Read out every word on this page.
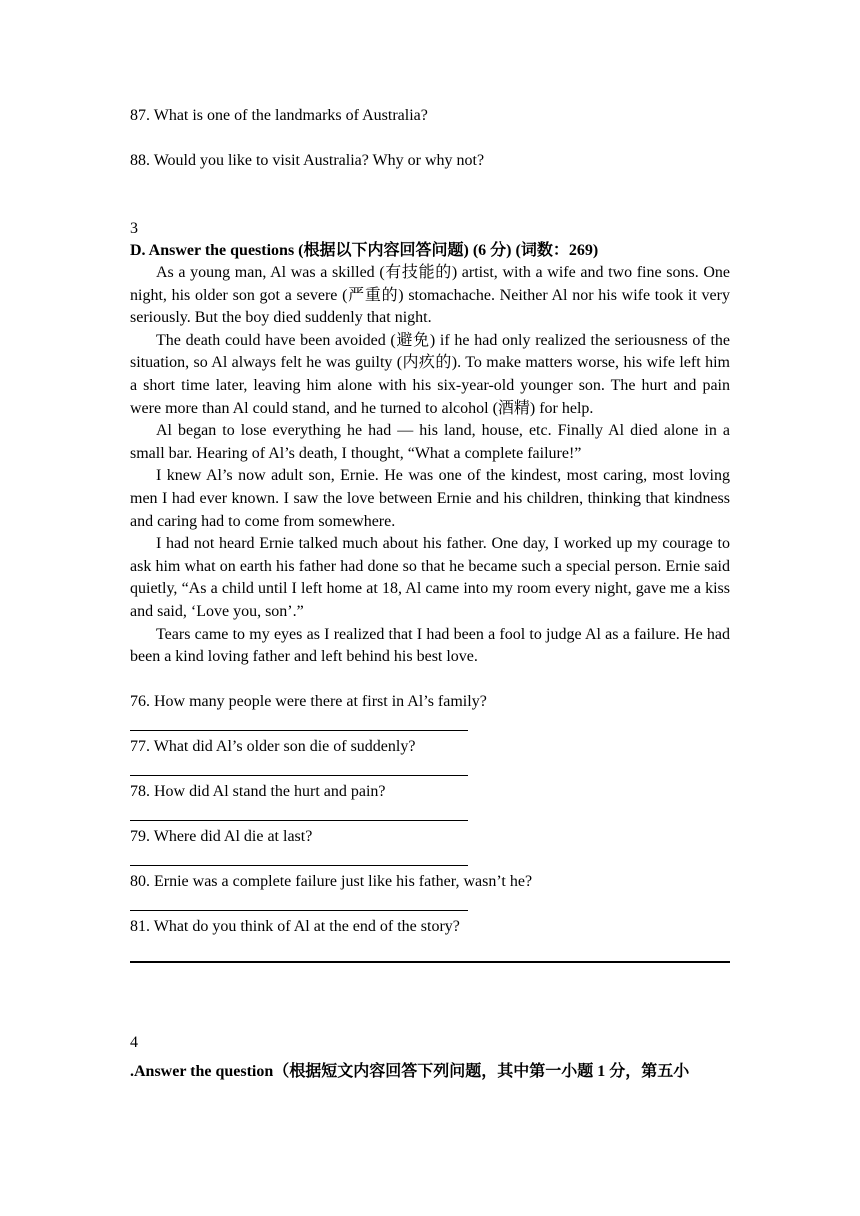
87. What is one of the landmarks of Australia?
88. Would you like to visit Australia? Why or why not?
3
D. Answer the questions (根据以下内容回答问题) (6 分) (词数：269)

As a young man, Al was a skilled (有技能的) artist, with a wife and two fine sons. One night, his older son got a severe (严重的) stomachache. Neither Al nor his wife took it very seriously. But the boy died suddenly that night.

The death could have been avoided (避免) if he had only realized the seriousness of the situation, so Al always felt he was guilty (内疚的). To make matters worse, his wife left him a short time later, leaving him alone with his six-year-old younger son. The hurt and pain were more than Al could stand, and he turned to alcohol (酒精) for help.

Al began to lose everything he had — his land, house, etc. Finally Al died alone in a small bar. Hearing of Al’s death, I thought, “What a complete failure!”

I knew Al’s now adult son, Ernie. He was one of the kindest, most caring, most loving men I had ever known. I saw the love between Ernie and his children, thinking that kindness and caring had to come from somewhere.

I had not heard Ernie talked much about his father. One day, I worked up my courage to ask him what on earth his father had done so that he became such a special person. Ernie said quietly, “As a child until I left home at 18, Al came into my room every night, gave me a kiss and said, ‘Love you, son’.”

Tears came to my eyes as I realized that I had been a fool to judge Al as a failure. He had been a kind loving father and left behind his best love.

76. How many people were there at first in Al’s family?
77. What did Al’s older son die of suddenly?
78. How did Al stand the hurt and pain?
79. Where did Al die at last?
80. Ernie was a complete failure just like his father, wasn’t he?
81. What do you think of Al at the end of the story?
4
.Answer the question（根据短文内容回答下列问题，其中第一小题 1 分，第五小
